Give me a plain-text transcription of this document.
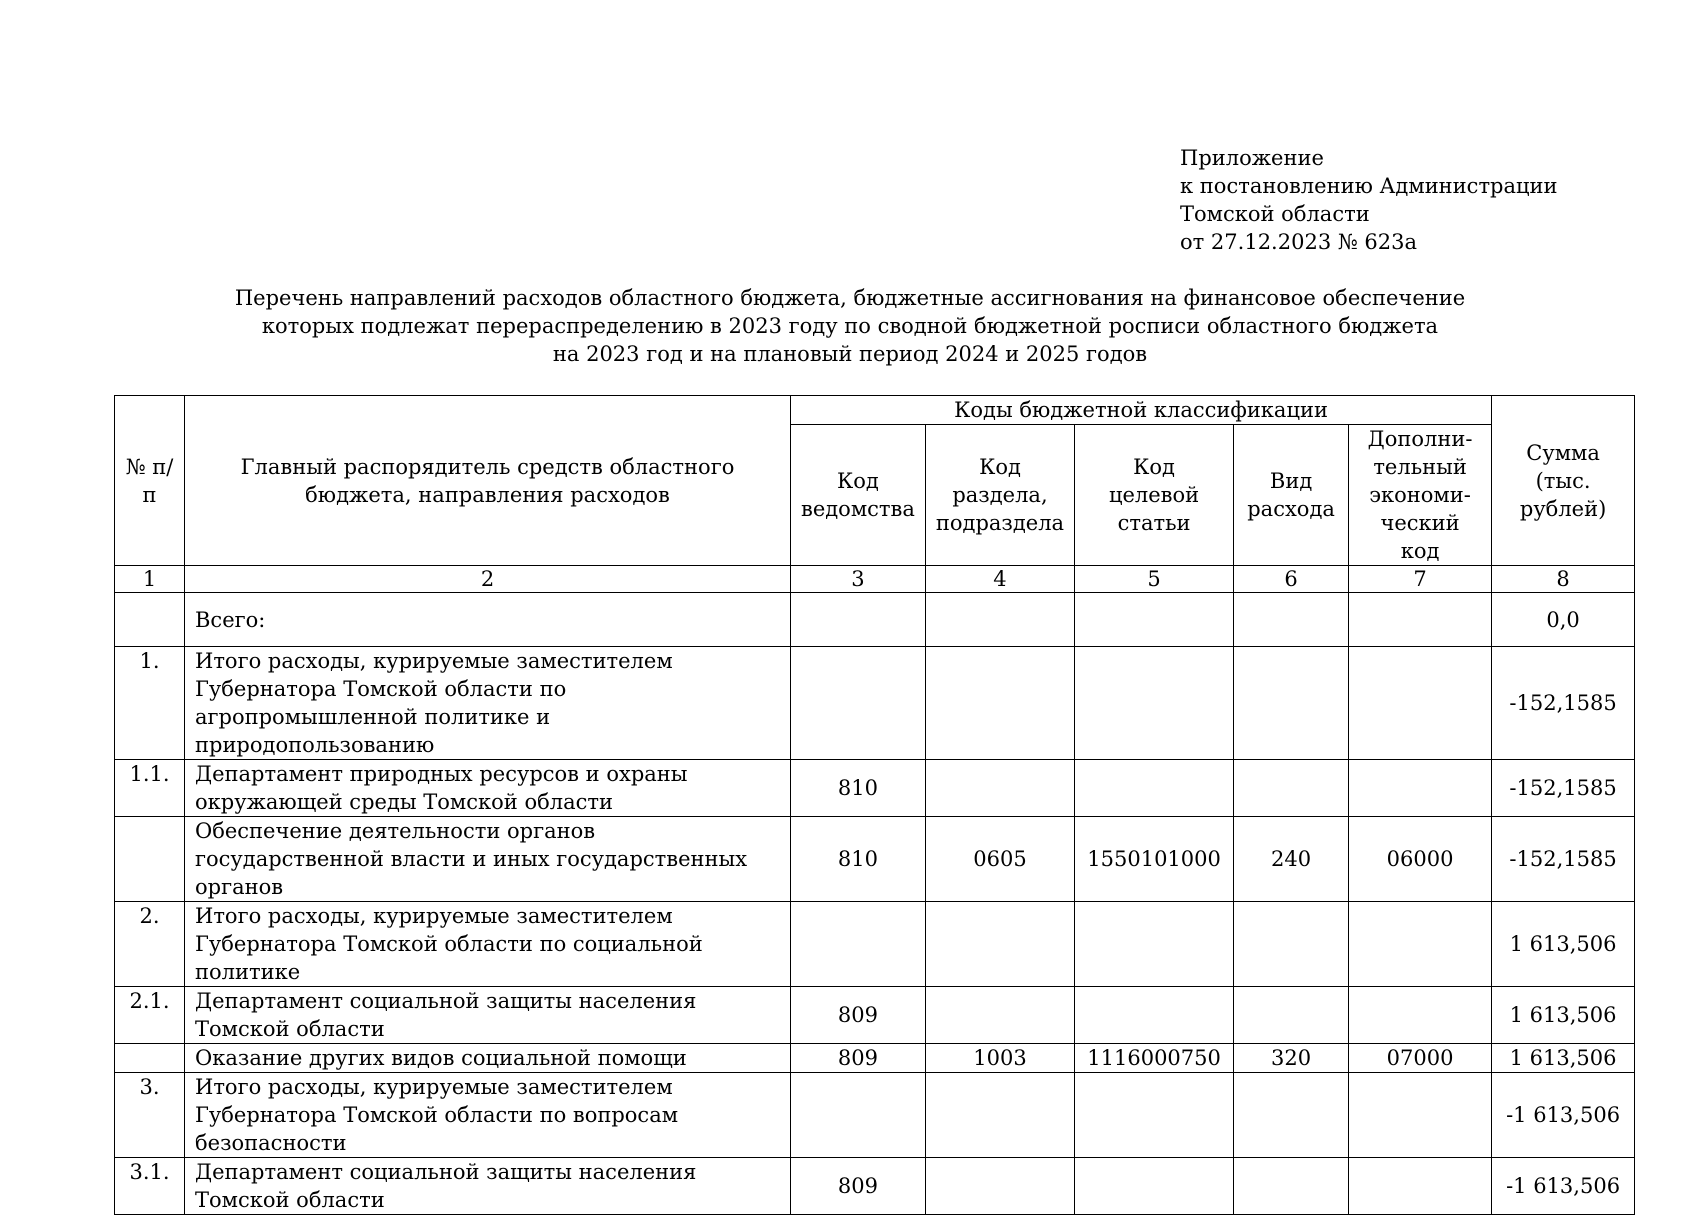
Приложение
к постановлению Администрации
Томской области
от 27.12.2023 № 623а
Перечень направлений расходов областного бюджета, бюджетные ассигнования на финансовое обеспечение
которых подлежат перераспределению в 2023 году по сводной бюджетной росписи областного бюджета
на 2023 год и на плановый период 2024 и 2025 годов
№ п/п	Главный распорядитель средств областного бюджета, направления расходов	Коды бюджетной классификации					Сумма (тыс. рублей)
		Код ведомства	Код раздела, подраздела	Код целевой статьи	Вид расхода	Дополни-тельный экономи-ческий код	
1	2	3	4	5	6	7	8
	Всего:						0,0
1.	Итого расходы, курируемые заместителем Губернатора Томской области по агропромышленной политике и природопользованию						-152,1585
1.1.	Департамент природных ресурсов и охраны окружающей среды Томской области	810					-152,1585
	Обеспечение деятельности органов государственной власти и иных государственных органов	810	0605	1550101000	240	06000	-152,1585
2.	Итого расходы, курируемые заместителем Губернатора Томской области по социальной политике						1 613,506
2.1.	Департамент социальной защиты населения Томской области	809					1 613,506
	Оказание других видов социальной помощи	809	1003	1116000750	320	07000	1 613,506
3.	Итого расходы, курируемые заместителем Губернатора Томской области по вопросам безопасности						-1 613,506
3.1.	Департамент социальной защиты населения Томской области	809					-1 613,506
